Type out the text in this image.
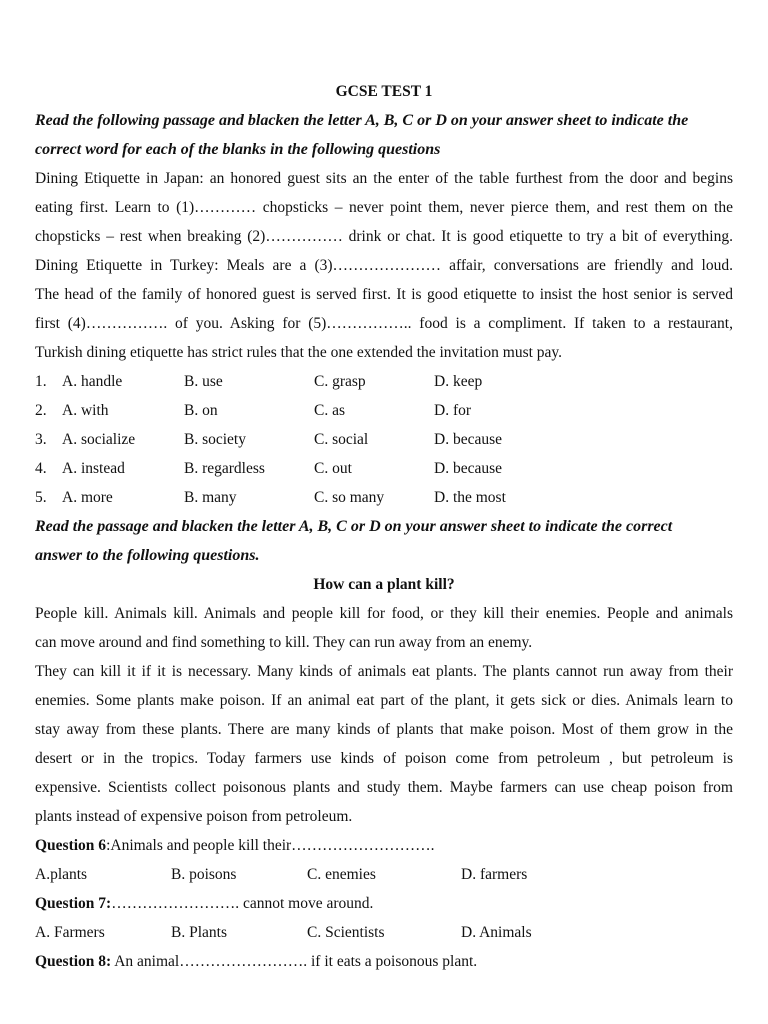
GCSE TEST 1
Read the following passage and blacken the letter A, B, C or D on your answer sheet to indicate the
correct word for each of the blanks in the following questions
Dining Etiquette in Japan: an honored guest sits an the enter of the table furthest from the door and begins
eating first. Learn to (1)………… chopsticks – never point them, never pierce them, and rest them on the
chopsticks – rest when breaking (2)…………… drink or chat. It is good etiquette to try a bit of everything.
Dining Etiquette in Turkey: Meals are a (3)………………… affair, conversations are friendly and loud.
The head of the family of honored guest is served first. It is good etiquette to insist the host senior is served
first (4)……………. of you. Asking for (5)…………….. food is a compliment. If taken to a restaurant,
Turkish dining etiquette has strict rules that the one extended the invitation must pay.
1. A. handle	B. use	C. grasp	D. keep
2. A. with	B. on	C. as	D. for
3. A. socialize	B. society	C. social	D. because
4. A. instead	B. regardless	C. out	D. because
5. A. more	B. many	C. so many	D. the most
Read the passage and blacken the letter A, B, C or D on your answer sheet to indicate the correct
answer to the following questions.
How can a plant kill?
People kill. Animals kill. Animals and people kill for food, or they kill their enemies. People and animals
can move around and find something to kill. They can run away from an enemy.
They can kill it if it is necessary. Many kinds of animals eat plants. The plants cannot run away from their
enemies. Some plants make poison. If an animal eat part of the plant, it gets sick or dies. Animals learn to
stay away from these plants. There are many kinds of plants that make poison. Most of them grow in the
desert or in the tropics. Today farmers use kinds of poison come from petroleum , but petroleum is
expensive. Scientists collect poisonous plants and study them. Maybe farmers can use cheap poison from
plants instead of expensive poison from petroleum.
Question 6:Animals and people kill their……………………….
A.plants	B. poisons	C. enemies	D. farmers
Question 7:……………………. cannot move around.
A. Farmers	B. Plants	C. Scientists	D. Animals
Question 8: An animal……………………. if it eats a poisonous plant.
